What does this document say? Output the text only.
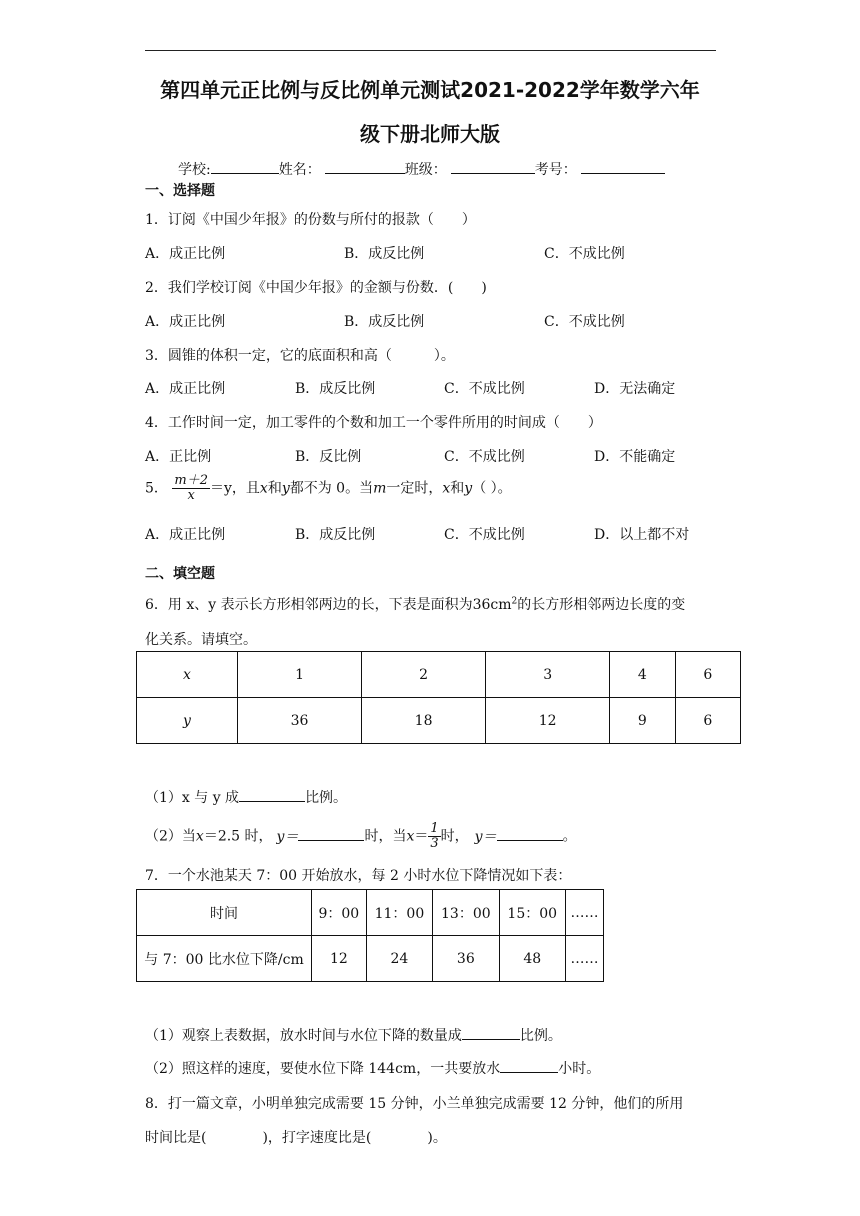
第四单元正比例与反比例单元测试2021-2022学年数学六年
级下册北师大版
学校:	姓名：	班级：	考号：
一、选择题
1．订阅《中国少年报》的份数与所付的报款（　　）
A．成正比例	B．成反比例	C．不成比例
2．我们学校订阅《中国少年报》的金额与份数．(　　)
A．成正比例	B．成反比例	C．不成比例
3．圆锥的体积一定，它的底面积和高（　　　）。
A．成正比例	B．成反比例	C．不成比例	D．无法确定
4．工作时间一定，加工零件的个数和加工一个零件所用的时间成（　　）
A．正比例	B．反比例	C．不成比例	D．不能确定
5． $\frac{m+2}{x} =y$，且x和y都不为 0。当m一定时，x和y（ ）。
A．成正比例	B．成反比例	C．不成比例	D．以上都不对
二、填空题
6．用 x、y 表示长方形相邻两边的长，下表是面积为$36cm^2$的长方形相邻两边长度的变
化关系。请填空。
x	1	2	3	4	6
y	36	18	12	9	6
（1）x 与 y 成	比例。
（2）当x＝2.5 时， y＝	时，当$x= \frac{1}{3}$ 时， y＝	。
7．一个水池某天 7：00 开始放水，每 2 小时水位下降情况如下表：
时间	9：00	11：00	13：00	15：00	……
与 7：00 比水位下降/cm	12	24	36	48	……
（1）观察上表数据，放水时间与水位下降的数量成	比例。
（2）照这样的速度，要使水位下降 144cm，一共要放水	小时。
8．打一篇文章，小明单独完成需要 15 分钟，小兰单独完成需要 12 分钟，他们的所用
时间比是(　　　　)，打字速度比是(　　　　)。
